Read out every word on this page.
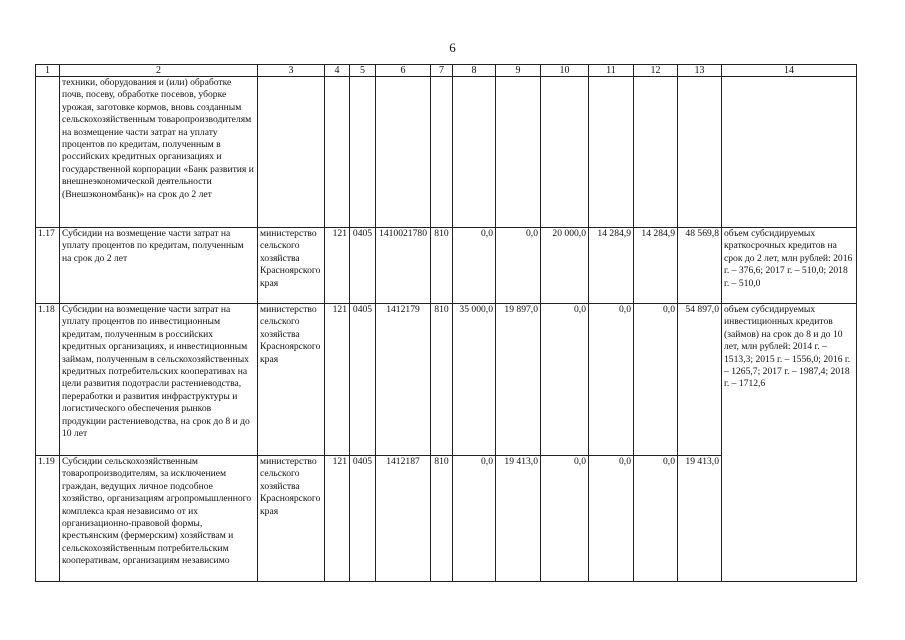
6
1	2	3	4	5	6	7	8	9	10	11	12	13	14
	техники, оборудования и (или) обработке почв, посеву, обработке посевов, уборке урожая, заготовке кормов, вновь созданным сельскохозяйственным товаропроизводителям на возмещение части затрат на уплату процентов по кредитам, полученным в российских кредитных организациях и государственной корпорации «Банк развития и внешнеэкономической деятельности (Внешэкономбанк)» на срок до 2 лет												
1.17	Субсидии на возмещение части затрат на уплату процентов по кредитам, полученным на срок до 2 лет	министерство сельского хозяйства Красноярского края	121	0405	1410021780	810	0,0	0,0	20 000,0	14 284,9	14 284,9	48 569,8	объем субсидируемых краткосрочных кредитов на срок до 2 лет, млн рублей: 2016 г. – 376,6; 2017 г. – 510,0; 2018 г. – 510,0
1.18	Субсидии на возмещение части затрат на уплату процентов по инвестиционным кредитам, полученным в российских кредитных организациях, и инвестиционным займам, полученным в сельскохозяйственных кредитных потребительских кооперативах на цели развития подотрасли растениеводства, переработки и развития инфраструктуры и логистического обеспечения рынков продукции растениеводства, на срок до 8 и до 10 лет	министерство сельского хозяйства Красноярского края	121	0405	1412179	810	35 000,0	19 897,0	0,0	0,0	0,0	54 897,0	объем субсидируемых инвестиционных кредитов (займов) на срок до 8 и до 10 лет, млн рублей: 2014 г. – 1513,3; 2015 г. – 1556,0; 2016 г. – 1265,7; 2017 г. – 1987,4; 2018 г. – 1712,6
1.19	Субсидии сельскохозяйственным товаропроизводителям, за исключением граждан, ведущих личное подсобное хозяйство, организациям агропромышленного комплекса края независимо от их организационно-правовой формы, крестьянским (фермерским) хозяйствам и сельскохозяйственным потребительским кооперативам, организациям независимо	министерство сельского хозяйства Красноярского края	121	0405	1412187	810	0,0	19 413,0	0,0	0,0	0,0	19 413,0	
